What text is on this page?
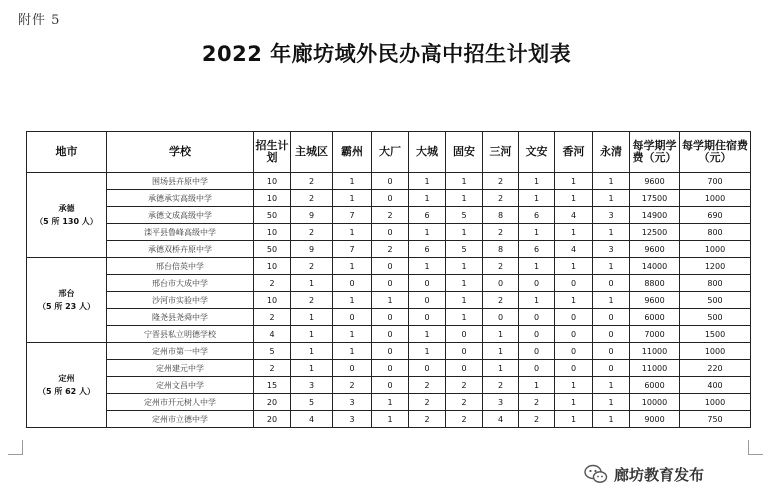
附件 5
2022 年廊坊域外民办高中招生计划表
地市	学校	招生计划	主城区	霸州	大厂	大城	固安	三河	文安	香河	永清	每学期学费（元）	每学期住宿费（元）

承德
（5 所 130 人）	围场县卉原中学	10	2	1	0	1	1	2	1	1	1	9600	700
	承德承实高级中学	10	2	1	0	1	1	2	1	1	1	17500	1000
	承德文成高级中学	50	9	7	2	6	5	8	6	4	3	14900	690
	滦平县鲁峰高级中学	10	2	1	0	1	1	2	1	1	1	12500	800
	承德双桥卉原中学	50	9	7	2	6	5	8	6	4	3	9600	1000

邢台
（5 所 23 人）	邢台倍英中学	10	2	1	0	1	1	2	1	1	1	14000	1200
	邢台市大成中学	2	1	0	0	0	1	0	0	0	0	8800	800
	沙河市实验中学	10	2	1	1	0	1	2	1	1	1	9600	500
	隆尧县尧舜中学	2	1	0	0	0	1	0	0	0	0	6000	500
	宁晋县私立明德学校	4	1	1	0	1	0	1	0	0	0	7000	1500

定州
（5 所 62 人）	定州市第一中学	5	1	1	0	1	0	1	0	0	0	11000	1000
	定州建元中学	2	1	0	0	0	0	1	0	0	0	11000	220
	定州文昌中学	15	3	2	0	2	2	2	1	1	1	6000	400
	定州市开元树人中学	20	5	3	1	2	2	3	2	1	1	10000	1000
	定州市立德中学	20	4	3	1	2	2	4	2	1	1	9000	750
廊坊教育发布
